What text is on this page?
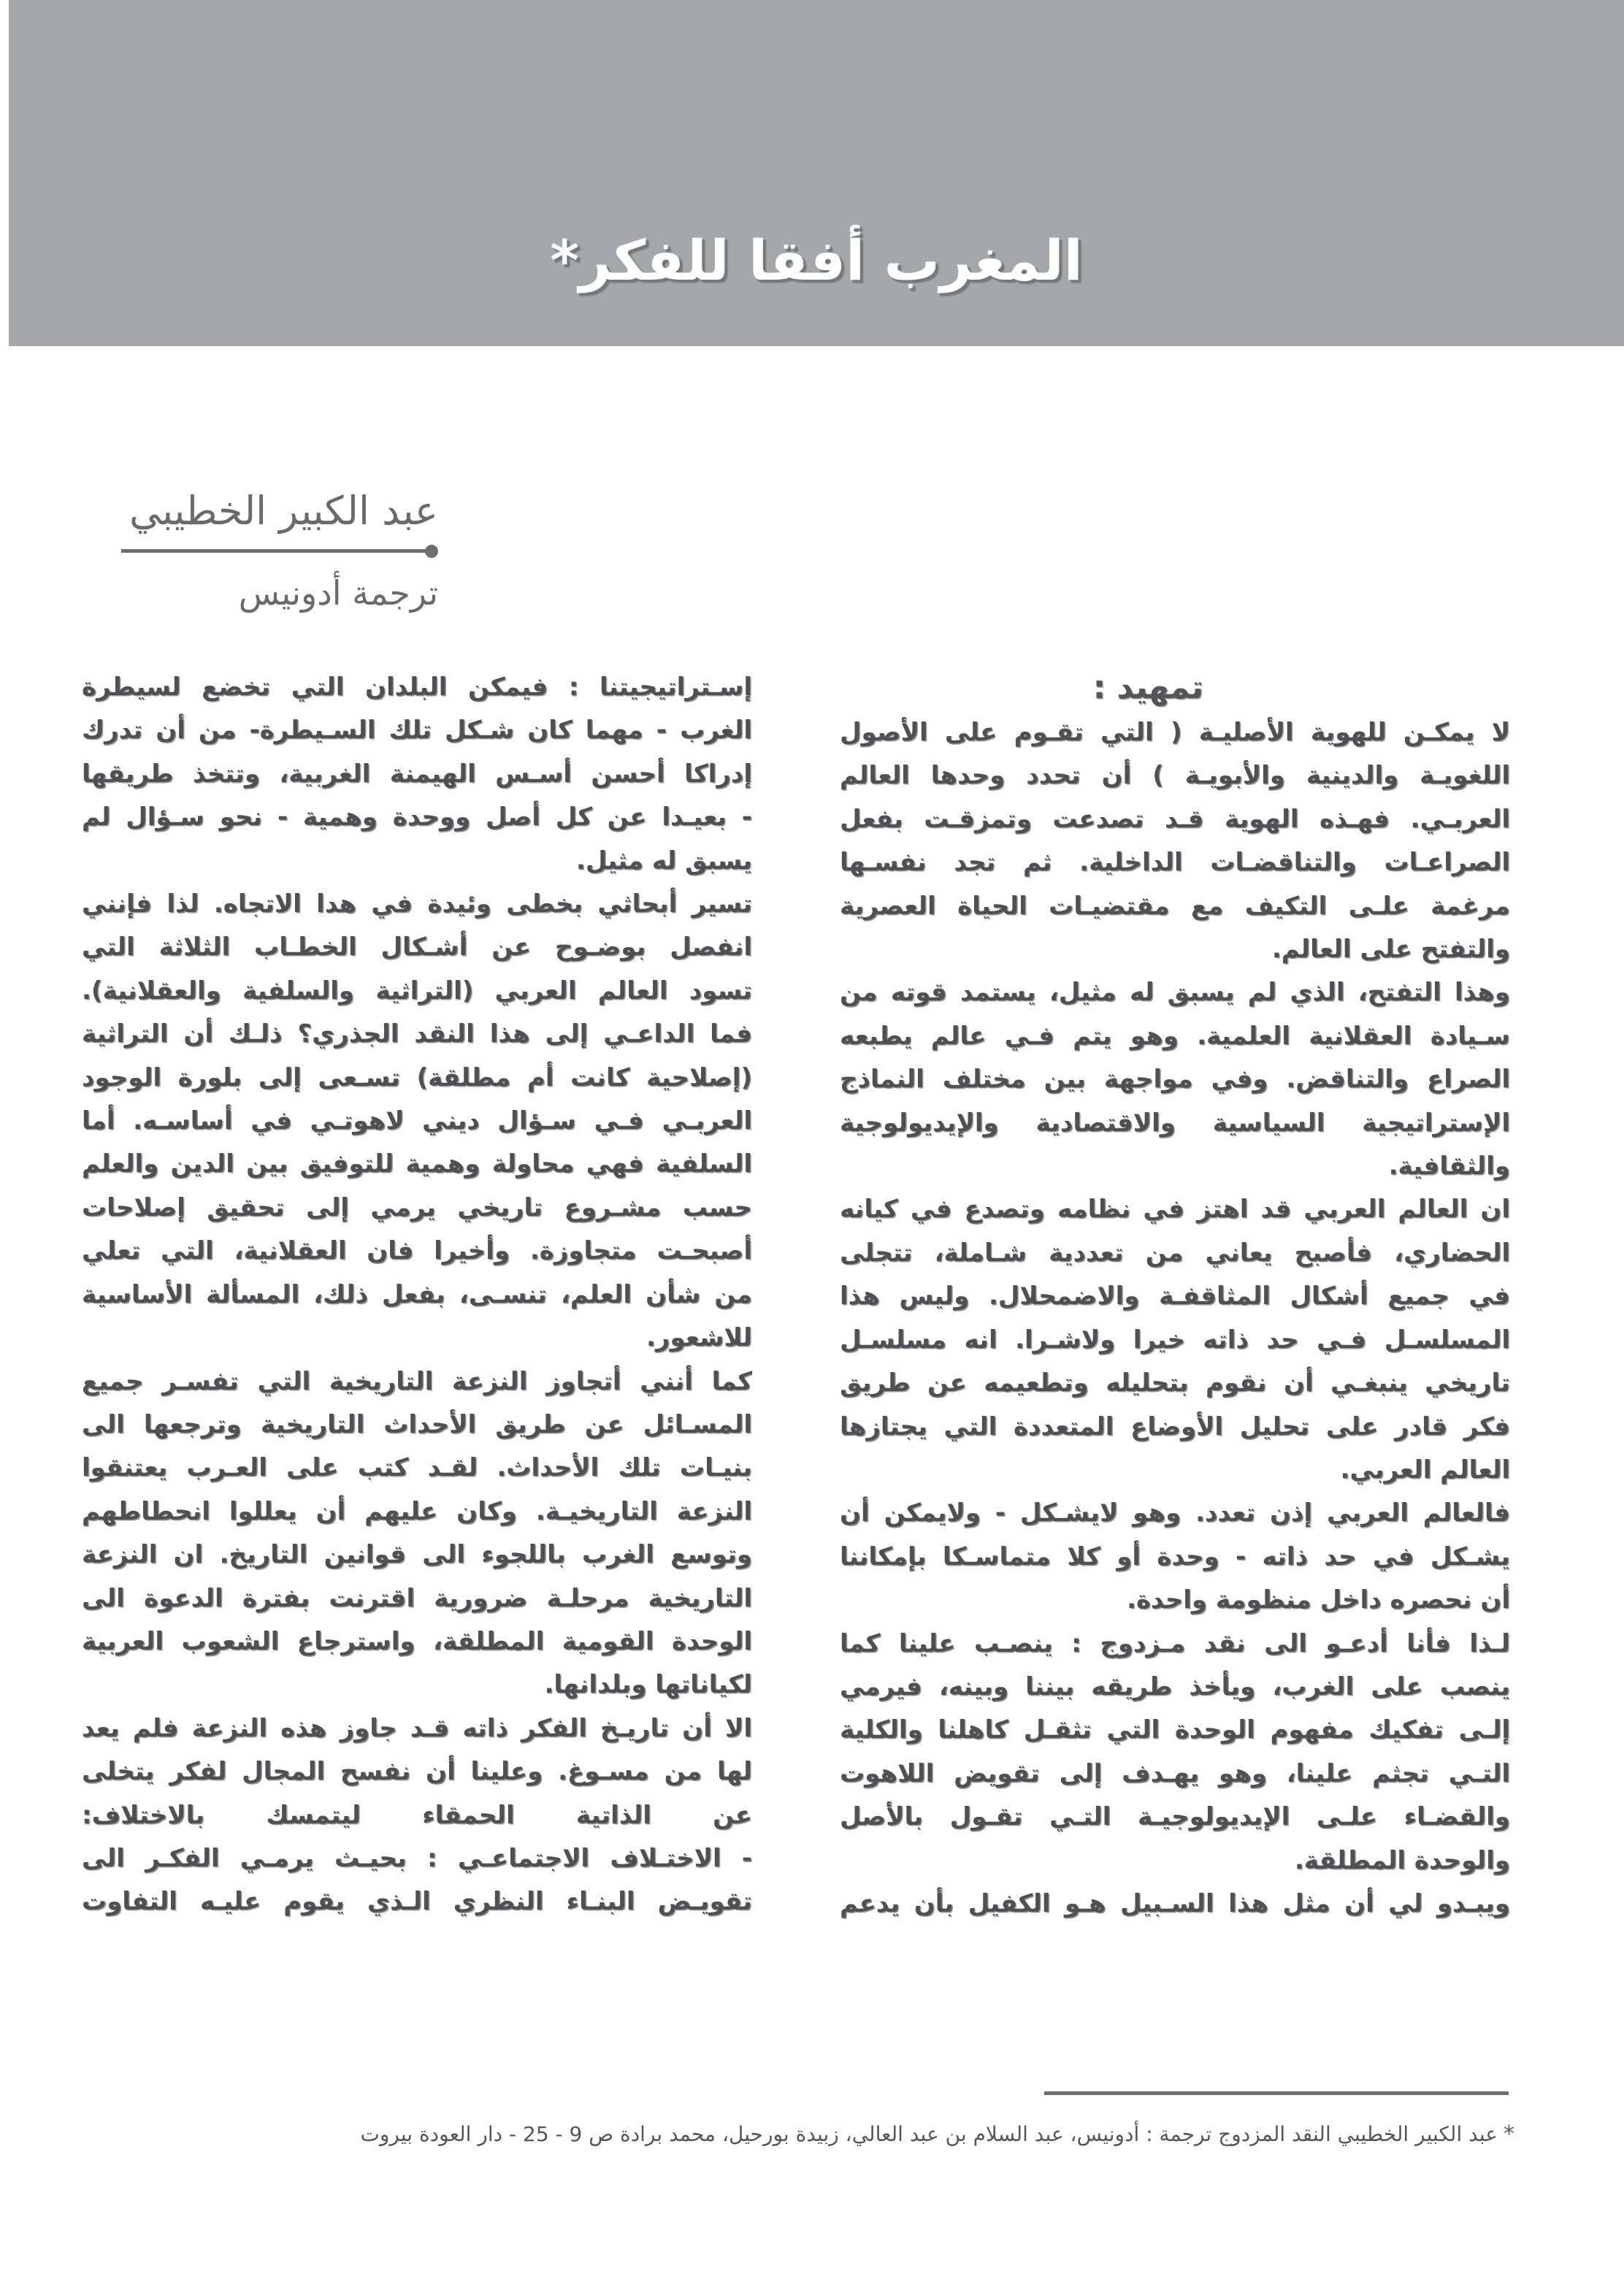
المغرب أفقا للفكر*
عبد الكبير الخطيبي
ترجمة أدونيس
تمهيد :
لا يمكـن للهوية الأصليـة ( التي تقـوم على الأصول
اللغويـة والدينية والأبويـة ) أن تحدد وحدها العالم
العربـي. فهـذه الهوية قـد تصدعت وتمزقـت بفعل
الصراعـات والتناقضـات الداخلية. ثم تجد نفسـها
مرغمة علـى التكيف مع مقتضيـات الحياة العصرية
والتفتح على العالم.
وهذا التفتح، الذي لم يسبق له مثيل، يستمد قوته من
سـيادة العقلانية العلمية. وهو يتم فـي عالم يطبعه
الصراع والتناقض. وفي مواجهة بين مختلف النماذج
الإستراتيجية السياسية والاقتصادية والإيديولوجية
والثقافية.
ان العالم العربي قد اهتز في نظامه وتصدع في كيانه
الحضاري، فأصبح يعاني من تعددية شـاملة، تتجلى
في جميع أشكال المثاقفـة والاضمحلال. وليس هذا
المسلسـل فـي حد ذاته خيرا ولاشـرا. انه مسلسـل
تاريخي ينبغـي أن نقوم بتحليله وتطعيمه عن طريق
فكر قادر على تحليل الأوضاع المتعددة التي يجتازها
العالم العربي.
فالعالم العربي إذن تعدد. وهو لايشـكل - ولايمكن أن
يشـكل في حد ذاته - وحدة أو كلا متماسـكا بإمكاننا
أن نحصره داخل منظومة واحدة.
لـذا فأنا أدعـو الى نقد مـزدوج : ينصـب علينا كما
ينصب على الغرب، ويأخذ طريقه بيننا وبينه، فيرمي
إلـى تفكيك مفهوم الوحدة التي تثقـل كاهلنا والكلية
التـي تجثم علينا، وهو يهـدف إلى تقويض اللاهوت
والقضـاء علـى الإيديولوجيـة التـي تقـول بالأصل
والوحدة المطلقة.
ويبـدو لي أن مثل هذا السـبيل هـو الكفيل بأن يدعم
إسـتراتيجيتنا : فيمكن البلدان التي تخضع لسيطرة
الغرب - مهما كان شـكل تلك السـيطرة- من أن تدرك
إدراكا أحسن أسـس الهيمنة الغربية، وتتخذ طريقها
- بعيـدا عن كل أصل ووحدة وهمية - نحو سـؤال لم
يسبق له مثيل.
تسير أبحاثي بخطى وئيدة في هدا الاتجاه. لذا فإنني
انفصل بوضـوح عن أشـكال الخطـاب الثلاثة التي
تسود العالم العربي (التراثية والسلفية والعقلانية).
فما الداعـي إلى هذا النقد الجذري؟ ذلـك أن التراثية
(إصلاحية كانت أم مطلقة) تسـعى إلى بلورة الوجود
العربـي فـي سـؤال ديني لاهوتـي في أساسـه. أما
السلفية فهي محاولة وهمية للتوفيق بين الدين والعلم
حسب مشـروع تاريخي يرمي إلى تحقيق إصلاحات
أصبحـت متجاوزة. وأخيرا فان العقلانية، التي تعلي
من شأن العلم، تنسـى، بفعل ذلك، المسألة الأساسية
للاشعور.
كما أنني أتجاوز النزعة التاريخية التي تفسـر جميع
المسـائل عن طريق الأحداث التاريخية وترجعها الى
بنيـات تلك الأحداث. لقـد كتب على العـرب يعتنقوا
النزعة التاريخيـة. وكان عليهم أن يعللوا انحطاطهم
وتوسع الغرب باللجوء الى قوانين التاريخ. ان النزعة
التاريخية مرحلـة ضرورية اقترنت بفترة الدعوة الى
الوحدة القومية المطلقة، واسترجاع الشعوب العربية
لكياناتها وبلدانها.
الا أن تاريـخ الفكر ذاته قـد جاوز هذه النزعة فلم يعد
لها من مسـوغ. وعلينا أن نفسح المجال لفكر يتخلى
عن الذاتية الحمقاء ليتمسك بالاختلاف:
- الاختـلاف الاجتماعـي : بحيـث يرمـي الفكـر الى
تقويـض البنـاء النظري الـذي يقوم عليـه التفاوت
*عبد الكبير الخطيبي النقد المزدوج ترجمة : أدونيس، عبد السلام بن عبد العالي، زبيدة بورحيل، محمد برادة ص 9 - 25 - دار العودة بيروت
